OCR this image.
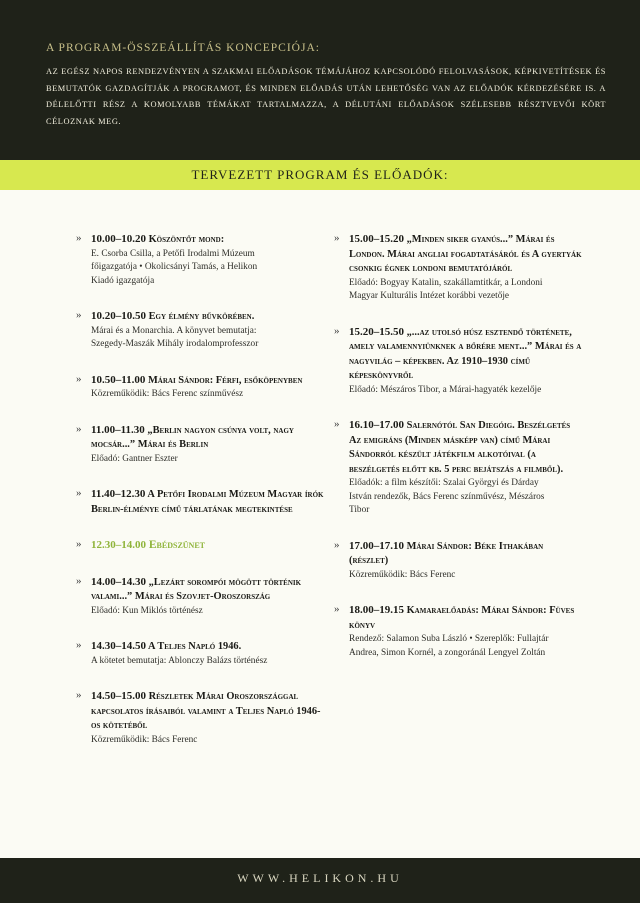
A PROGRAM-ÖSSZEÁLLÍTÁS KONCEPCIÓJA:

AZ EGÉSZ NAPOS RENDEZVÉNYEN A SZAKMAI ELŐADÁSOK TÉMÁJÁHOZ KAPCSOLÓDÓ FELOLVASÁSOK, KÉPKIVETÍTÉSEK ÉS BEMUTATÓK GAZDAGÍTJÁK A PROGRAMOT, ÉS MINDEN ELŐADÁS UTÁN LEHETŐSÉG VAN AZ ELŐADÓK KÉRDEZÉSÉRE IS. A DÉLELŐTTI RÉSZ A KOMOLYABB TÉMÁKAT TARTALMAZZA, A DÉLUTÁNI ELŐADÁSOK SZÉLESEBB RÉSZTVEVŐI KÖRT CÉLOZNAK MEG.

TERVEZETT PROGRAM ÉS ELŐADÓK:
» 10.00–10.20 Köszöntőt mond:
E. Csorba Csilla, a Petőfi Irodalmi Múzeum
főigazgatója • Okolicsányi Tamás, a Helikon
Kiadó igazgatója
» 10.20–10.50 Egy élmény bűvkörében.
Márai és a Monarchia. A könyvet bemutatja:
Szegedy-Maszák Mihály irodalomprofesszor
» 10.50–11.00 Márai Sándor: Férfi, esőköpenyben
Közreműködik: Bács Ferenc színművész
» 11.00–11.30 „Berlin nagyon csúnya volt, nagy mocsár...” Márai és Berlin
Előadó: Gantner Eszter
» 11.40–12.30 A Petőfi Irodalmi Múzeum Magyar írók Berlin-élménye című tárlatának megtekintése
» 12.30–14.00 Ebédszünet
» 14.00–14.30 „Lezárt sorompói mögött történik valami...” Márai és Szovjet-Oroszország
Előadó: Kun Miklós történész
» 14.30–14.50 A Teljes Napló 1946.
A kötetet bemutatja: Ablonczy Balázs történész
» 14.50–15.00 Részletek Márai Oroszországgal kapcsolatos írásaiból valamint a Teljes Napló 1946-os kötetéből
Közreműködik: Bács Ferenc
» 15.00–15.20 „Minden siker gyanús...” Márai és London. Márai angliai fogadtatásáról és A gyertyák csonkig égnek londoni bemutatójáról
Előadó: Bogyay Katalin, szakállamtitkár, a Londoni
Magyar Kulturális Intézet korábbi vezetője
» 15.20–15.50 „...az utolsó húsz esztendő története, amely valamennyiünknek a bőrére ment...” Márai és a nagyvilág – képekben. Az 1910–1930 című képeskönyvről
Előadó: Mészáros Tibor, a Márai-hagyaték kezelője
» 16.10–17.00 Salernótól San Diegóig. Beszélgetés Az emigráns (Minden másképp van) című Márai Sándorról készült játékfilm alkotóival (a beszélgetés előtt kb. 5 perc bejátszás a filmből).
Előadók: a film készítői: Szalai Györgyi és Dárday
István rendezők, Bács Ferenc színművész, Mészáros
Tibor
» 17.00–17.10 Márai Sándor: Béke Ithakában (részlet)
Közreműködik: Bács Ferenc
» 18.00–19.15 Kamaraelőadás: Márai Sándor: Füves könyv
Rendező: Salamon Suba László • Szereplők: Fullajtár
Andrea, Simon Kornél, a zongoránál Lengyel Zoltán
WWW.HELIKON.HU
